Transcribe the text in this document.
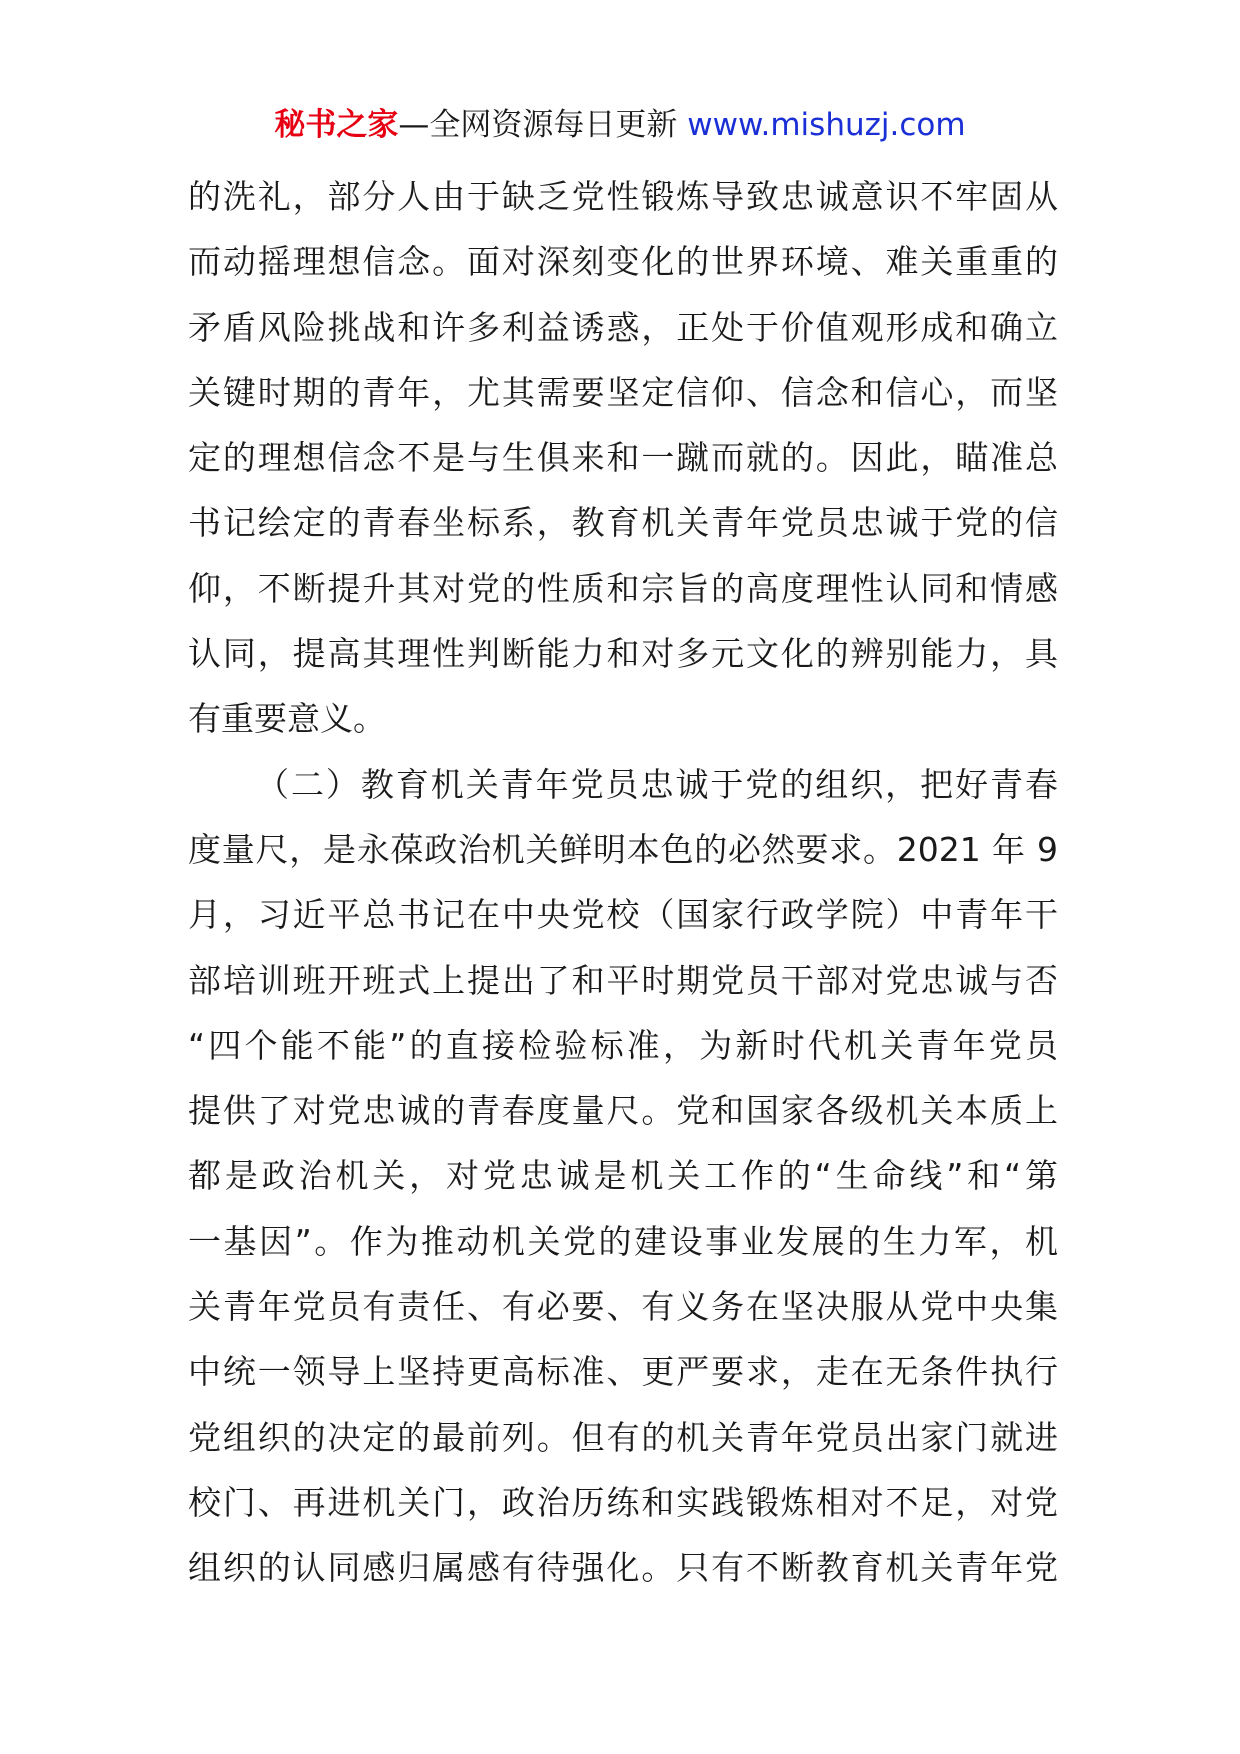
秘书之家—全网资源每日更新 www.mishuzj.com
的洗礼，部分人由于缺乏党性锻炼导致忠诚意识不牢固从
而动摇理想信念。面对深刻变化的世界环境、难关重重的
矛盾风险挑战和许多利益诱惑，正处于价值观形成和确立
关键时期的青年，尤其需要坚定信仰、信念和信心，而坚
定的理想信念不是与生俱来和一蹴而就的。因此，瞄准总
书记绘定的青春坐标系，教育机关青年党员忠诚于党的信
仰，不断提升其对党的性质和宗旨的高度理性认同和情感
认同，提高其理性判断能力和对多元文化的辨别能力，具
有重要意义。
（二）教育机关青年党员忠诚于党的组织，把好青春
度量尺，是永葆政治机关鲜明本色的必然要求。2021 年 9
月，习近平总书记在中央党校（国家行政学院）中青年干
部培训班开班式上提出了和平时期党员干部对党忠诚与否
“四个能不能”的直接检验标准，为新时代机关青年党员
提供了对党忠诚的青春度量尺。党和国家各级机关本质上
都是政治机关，对党忠诚是机关工作的“生命线”和“第
一基因”。作为推动机关党的建设事业发展的生力军，机
关青年党员有责任、有必要、有义务在坚决服从党中央集
中统一领导上坚持更高标准、更严要求，走在无条件执行
党组织的决定的最前列。但有的机关青年党员出家门就进
校门、再进机关门，政治历练和实践锻炼相对不足，对党
组织的认同感归属感有待强化。只有不断教育机关青年党
